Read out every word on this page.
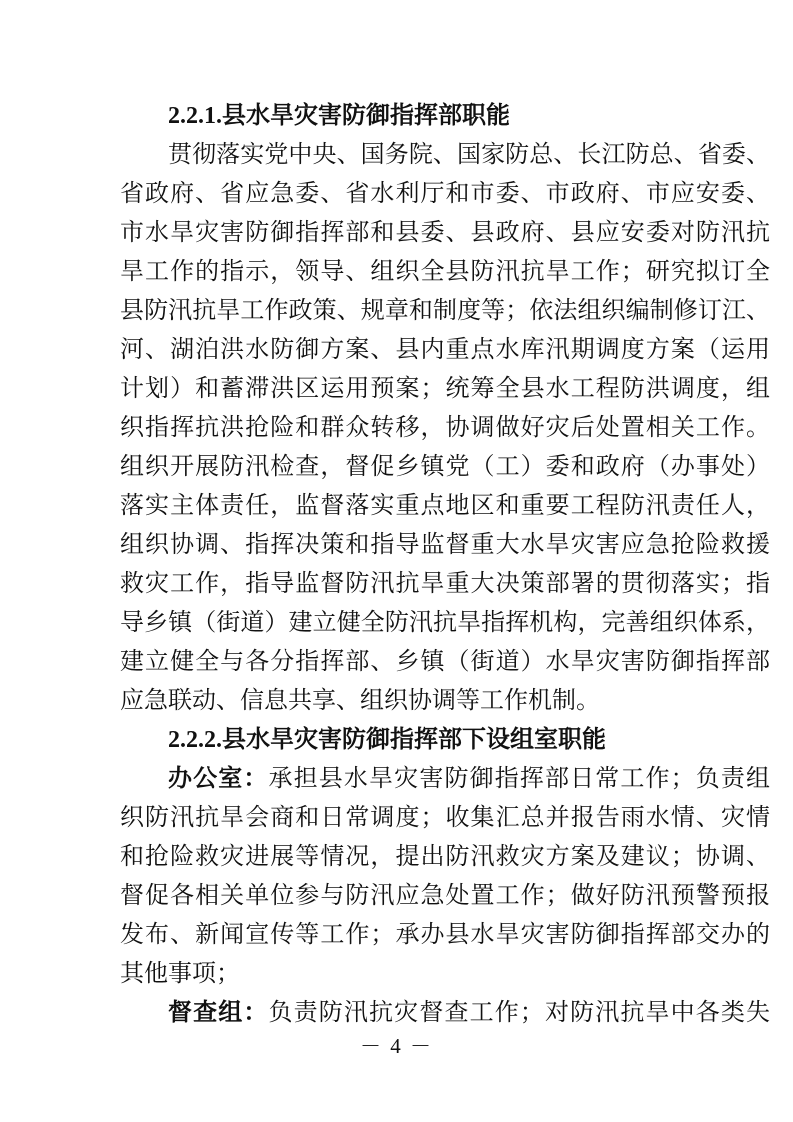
2.2.1.县水旱灾害防御指挥部职能
贯彻落实党中央、国务院、国家防总、长江防总、省委、
省政府、省应急委、省水利厅和市委、市政府、市应安委、
市水旱灾害防御指挥部和县委、县政府、县应安委对防汛抗
旱工作的指示，领导、组织全县防汛抗旱工作；研究拟订全
县防汛抗旱工作政策、规章和制度等；依法组织编制修订江、
河、湖泊洪水防御方案、县内重点水库汛期调度方案（运用
计划）和蓄滞洪区运用预案；统筹全县水工程防洪调度，组
织指挥抗洪抢险和群众转移，协调做好灾后处置相关工作。
组织开展防汛检查，督促乡镇党（工）委和政府（办事处）
落实主体责任，监督落实重点地区和重要工程防汛责任人，
组织协调、指挥决策和指导监督重大水旱灾害应急抢险救援
救灾工作，指导监督防汛抗旱重大决策部署的贯彻落实；指
导乡镇（街道）建立健全防汛抗旱指挥机构，完善组织体系，
建立健全与各分指挥部、乡镇（街道）水旱灾害防御指挥部
应急联动、信息共享、组织协调等工作机制。
2.2.2.县水旱灾害防御指挥部下设组室职能
办公室：承担县水旱灾害防御指挥部日常工作；负责组
织防汛抗旱会商和日常调度；收集汇总并报告雨水情、灾情
和抢险救灾进展等情况，提出防汛救灾方案及建议；协调、
督促各相关单位参与防汛应急处置工作；做好防汛预警预报
发布、新闻宣传等工作；承办县水旱灾害防御指挥部交办的
其他事项；
督查组：负责防汛抗灾督查工作；对防汛抗旱中各类失
－ 4 －
